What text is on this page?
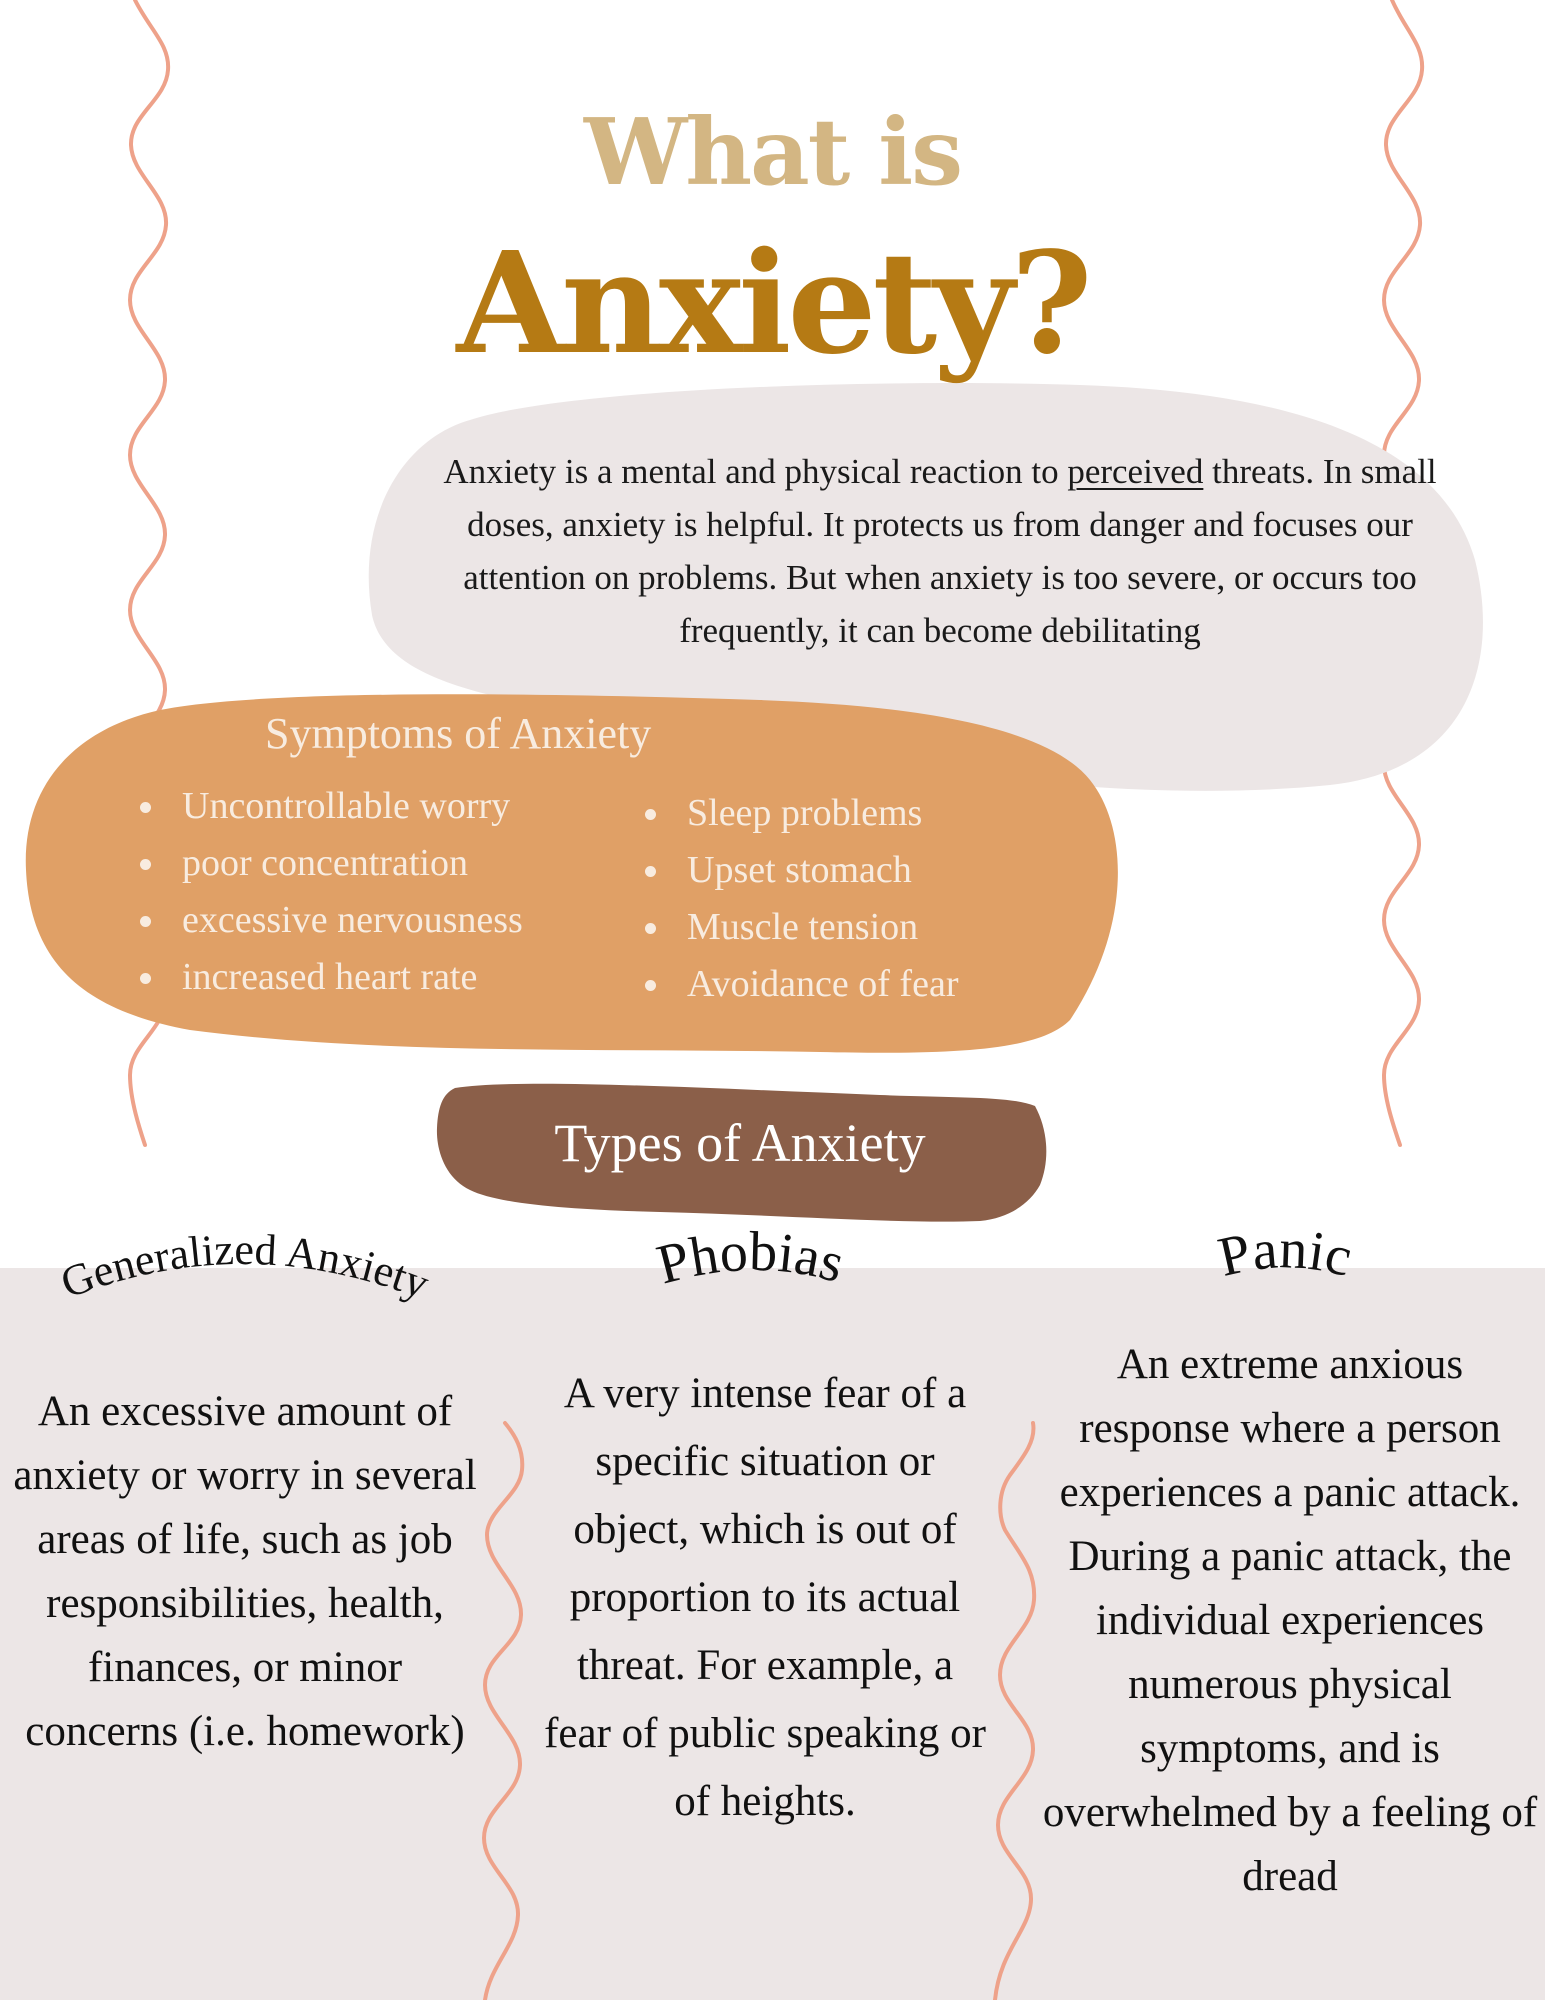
Generalized Anxiety	Phobias	Panic
What is
Anxiety?
Anxiety is a mental and physical reaction to perceived threats. In small doses, anxiety is helpful. It protects us from danger and focuses our attention on problems. But when anxiety is too severe, or occurs too frequently, it can become debilitating
Symptoms of Anxiety
Uncontrollable worry
poor concentration
excessive nervousness
increased heart rate
Sleep problems
Upset stomach
Muscle tension
Avoidance of fear
Types of Anxiety
An excessive amount of anxiety or worry in several areas of life, such as job responsibilities, health, finances, or minor concerns (i.e. homework)
A very intense fear of a specific situation or object, which is out of proportion to its actual threat. For example, a fear of public speaking or of heights.
An extreme anxious response where a person experiences a panic attack. During a panic attack, the individual experiences numerous physical symptoms, and is overwhelmed by a feeling of dread
